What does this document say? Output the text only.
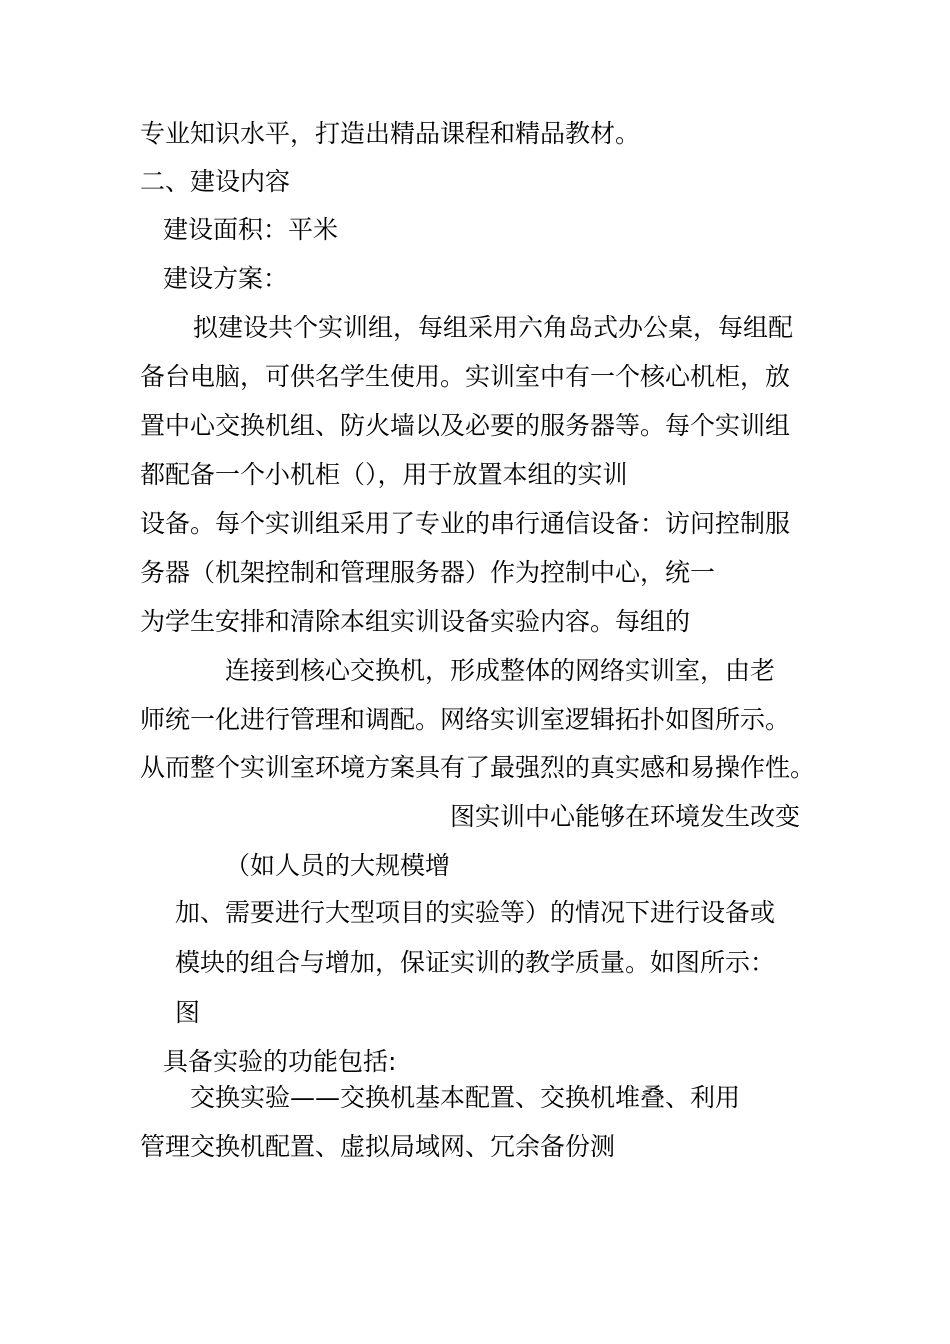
专业知识水平，打造出精品课程和精品教材。
二、建设内容
建设面积：平米
建设方案：
拟建设共个实训组，每组采用六角岛式办公桌，每组配
备台电脑，可供名学生使用。实训室中有一个核心机柜，放
置中心交换机组、防火墙以及必要的服务器等。每个实训组
都配备一个小机柜（），用于放置本组的实训
设备。每个实训组采用了专业的串行通信设备：访问控制服
务器（机架控制和管理服务器）作为控制中心，统一
为学生安排和清除本组实训设备实验内容。每组的
连接到核心交换机，形成整体的网络实训室，由老
师统一化进行管理和调配。网络实训室逻辑拓扑如图所示。
从而整个实训室环境方案具有了最强烈的真实感和易操作性。
图实训中心能够在环境发生改变
（如人员的大规模增
加、需要进行大型项目的实验等）的情况下进行设备或
模块的组合与增加，保证实训的教学质量。如图所示：
图
具备实验的功能包括:
交换实验——交换机基本配置、交换机堆叠、利用
管理交换机配置、虚拟局域网、冗余备份测
